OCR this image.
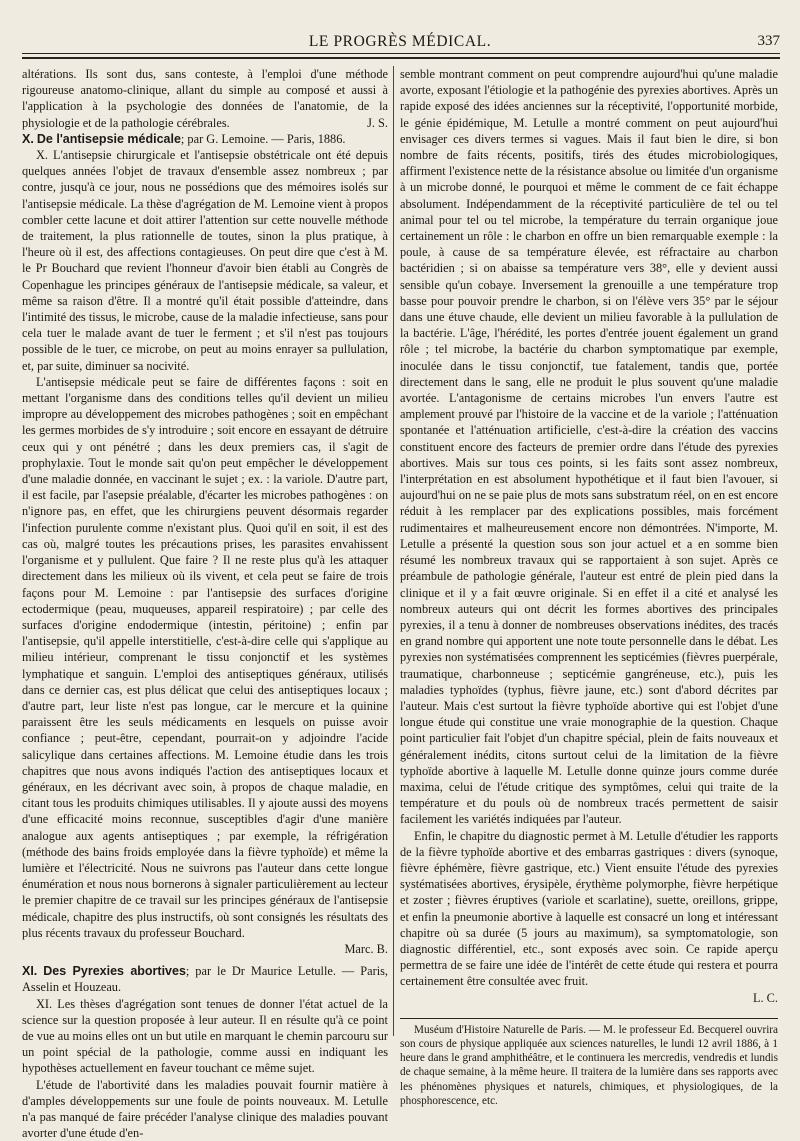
LE PROGRÈS MÉDICAL.	337

altérations. Ils sont dus, sans conteste, à l'emploi d'une méthode rigoureuse anatomo-clinique, allant du simple au composé et aussi à l'application à la psychologie des données de l'anatomie, de la physiologie et de la pathologie cérébrales.	J. S.

X. De l'antisepsie médicale; par G. Lemoine. — Paris, 1886.

X. L'antisepsie chirurgicale et l'antisepsie obstétricale ont été depuis quelques années l'objet de travaux d'ensemble assez nombreux ; par contre, jusqu'à ce jour, nous ne possédions que des mémoires isolés sur l'antisepsie médicale. La thèse d'agrégation de M. Lemoine vient à propos combler cette lacune et doit attirer l'attention sur cette nouvelle méthode de traitement, la plus rationnelle de toutes, sinon la plus pratique, à l'heure où il est, des affections contagieuses. On peut dire que c'est à M. le Pr Bouchard que revient l'honneur d'avoir bien établi au Congrès de Copenhague les principes généraux de l'antisepsie médicale, sa valeur, et même sa raison d'être. Il a montré qu'il était possible d'atteindre, dans l'intimité des tissus, le microbe, cause de la maladie infectieuse, sans pour cela tuer le malade avant de tuer le ferment ; et s'il n'est pas toujours possible de le tuer, ce microbe, on peut au moins enrayer sa pullulation, et, par suite, diminuer sa nocivité.

L'antisepsie médicale peut se faire de différentes façons : soit en mettant l'organisme dans des conditions telles qu'il devient un milieu impropre au développement des microbes pathogènes ; soit en empêchant les germes morbides de s'y introduire ; soit encore en essayant de détruire ceux qui y ont pénétré ; dans les deux premiers cas, il s'agit de prophylaxie. Tout le monde sait qu'on peut empêcher le développement d'une maladie donnée, en vaccinant le sujet ; ex. : la variole. D'autre part, il est facile, par l'asepsie préalable, d'écarter les microbes pathogènes : on n'ignore pas, en effet, que les chirurgiens peuvent désormais regarder l'infection purulente comme n'existant plus. Quoi qu'il en soit, il est des cas où, malgré toutes les précautions prises, les parasites envahissent l'organisme et y pullulent. Que faire ? Il ne reste plus qu'à les attaquer directement dans les milieux où ils vivent, et cela peut se faire de trois façons pour M. Lemoine : par l'antisepsie des surfaces d'origine ectodermique (peau, muqueuses, appareil respiratoire) ; par celle des surfaces d'origine endodermique (intestin, péritoine) ; enfin par l'antisepsie, qu'il appelle interstitielle, c'est-à-dire celle qui s'applique au milieu intérieur, comprenant le tissu conjonctif et les systèmes lymphatique et sanguin. L'emploi des antiseptiques généraux, utilisés dans ce dernier cas, est plus délicat que celui des antiseptiques locaux ; d'autre part, leur liste n'est pas longue, car le mercure et la quinine paraissent être les seuls médicaments en lesquels on puisse avoir confiance ; peut-être, cependant, pourrait-on y adjoindre l'acide salicylique dans certaines affections. M. Lemoine étudie dans les trois chapitres que nous avons indiqués l'action des antiseptiques locaux et généraux, en les décrivant avec soin, à propos de chaque maladie, en citant tous les produits chimiques utilisables. Il y ajoute aussi des moyens d'une efficacité moins reconnue, susceptibles d'agir d'une manière analogue aux agents antiseptiques ; par exemple, la réfrigération (méthode des bains froids employée dans la fièvre typhoïde) et même la lumière et l'électricité. Nous ne suivrons pas l'auteur dans cette longue énumération et nous nous bornerons à signaler particulièrement au lecteur le premier chapitre de ce travail sur les principes généraux de l'antisepsie médicale, chapitre des plus instructifs, où sont consignés les résultats des plus récents travaux du professeur Bouchard.

Marc. B.

XI. Des Pyrexies abortives; par le Dr Maurice Letulle. — Paris, Asselin et Houzeau.

XI. Les thèses d'agrégation sont tenues de donner l'état actuel de la science sur la question proposée à leur auteur. Il en résulte qu'à ce point de vue au moins elles ont un but utile en marquant le chemin parcouru sur un point spécial de la pathologie, comme aussi en indiquant les hypothèses actuellement en faveur touchant ce même sujet.

L'étude de l'abortivité dans les maladies pouvait fournir matière à d'amples développements sur une foule de points nouveaux. M. Letulle n'a pas manqué de faire précéder l'analyse clinique des maladies pouvant avorter d'une étude d'en-

semble montrant comment on peut comprendre aujourd'hui qu'une maladie avorte, exposant l'étiologie et la pathogénie des pyrexies abortives. Après un rapide exposé des idées anciennes sur la réceptivité, l'opportunité morbide, le génie épidémique, M. Letulle a montré comment on peut aujourd'hui envisager ces divers termes si vagues. Mais il faut bien le dire, si bon nombre de faits récents, positifs, tirés des études microbiologiques, affirment l'existence nette de la résistance absolue ou limitée d'un organisme à un microbe donné, le pourquoi et même le comment de ce fait échappe absolument. Indépendamment de la réceptivité particulière de tel ou tel animal pour tel ou tel microbe, la température du terrain organique joue certainement un rôle : le charbon en offre un bien remarquable exemple : la poule, à cause de sa température élevée, est réfractaire au charbon bactéridien ; si on abaisse sa température vers 38°, elle y devient aussi sensible qu'un cobaye. Inversement la grenouille a une température trop basse pour pouvoir prendre le charbon, si on l'élève vers 35° par le séjour dans une étuve chaude, elle devient un milieu favorable à la pullulation de la bactérie. L'âge, l'hérédité, les portes d'entrée jouent également un grand rôle ; tel microbe, la bactérie du charbon symptomatique par exemple, inoculée dans le tissu conjonctif, tue fatalement, tandis que, portée directement dans le sang, elle ne produit le plus souvent qu'une maladie avortée. L'antagonisme de certains microbes l'un envers l'autre est amplement prouvé par l'histoire de la vaccine et de la variole ; l'atténuation spontanée et l'atténuation artificielle, c'est-à-dire la création des vaccins constituent encore des facteurs de premier ordre dans l'étude des pyrexies abortives. Mais sur tous ces points, si les faits sont assez nombreux, l'interprétation en est absolument hypothétique et il faut bien l'avouer, si aujourd'hui on ne se paie plus de mots sans substratum réel, on en est encore réduit à les remplacer par des explications possibles, mais forcément rudimentaires et malheureusement encore non démontrées. N'importe, M. Letulle a présenté la question sous son jour actuel et a en somme bien résumé les nombreux travaux qui se rapportaient à son sujet. Après ce préambule de pathologie générale, l'auteur est entré de plein pied dans la clinique et il y a fait œuvre originale. Si en effet il a cité et analysé les nombreux auteurs qui ont décrit les formes abortives des principales pyrexies, il a tenu à donner de nombreuses observations inédites, des tracés en grand nombre qui apportent une note toute personnelle dans le débat. Les pyrexies non systématisées comprennent les septicémies (fièvres puerpérale, traumatique, charbonneuse ; septicémie gangréneuse, etc.), puis les maladies typhoïdes (typhus, fièvre jaune, etc.) sont d'abord décrites par l'auteur. Mais c'est surtout la fièvre typhoïde abortive qui est l'objet d'une longue étude qui constitue une vraie monographie de la question. Chaque point particulier fait l'objet d'un chapitre spécial, plein de faits nouveaux et généralement inédits, citons surtout celui de la limitation de la fièvre typhoïde abortive à laquelle M. Letulle donne quinze jours comme durée maxima, celui de l'étude critique des symptômes, celui qui traite de la température et du pouls où de nombreux tracés permettent de saisir facilement les variétés indiquées par l'auteur.

Enfin, le chapitre du diagnostic permet à M. Letulle d'étudier les rapports de la fièvre typhoïde abortive et des embarras gastriques : divers (synoque, fièvre éphémère, fièvre gastrique, etc.) Vient ensuite l'étude des pyrexies systématisées abortives, érysipèle, érythème polymorphe, fièvre herpétique et zoster ; fièvres éruptives (variole et scarlatine), suette, oreillons, grippe, et enfin la pneumonie abortive à laquelle est consacré un long et intéressant chapitre où sa durée (5 jours au maximum), sa symptomatologie, son diagnostic différentiel, etc., sont exposés avec soin. Ce rapide aperçu permettra de se faire une idée de l'intérêt de cette étude qui restera et pourra certainement être consultée avec fruit.

L. C.

Muséum d'Histoire Naturelle de Paris. — M. le professeur Ed. Becquerel ouvrira son cours de physique appliquée aux sciences naturelles, le lundi 12 avril 1886, à 1 heure dans le grand amphithéâtre, et le continuera les mercredis, vendredis et lundis de chaque semaine, à la même heure. Il traitera de la lumière dans ses rapports avec les phénomènes physiques et naturels, chimiques, et physiologiques, de la phosphorescence, etc.
